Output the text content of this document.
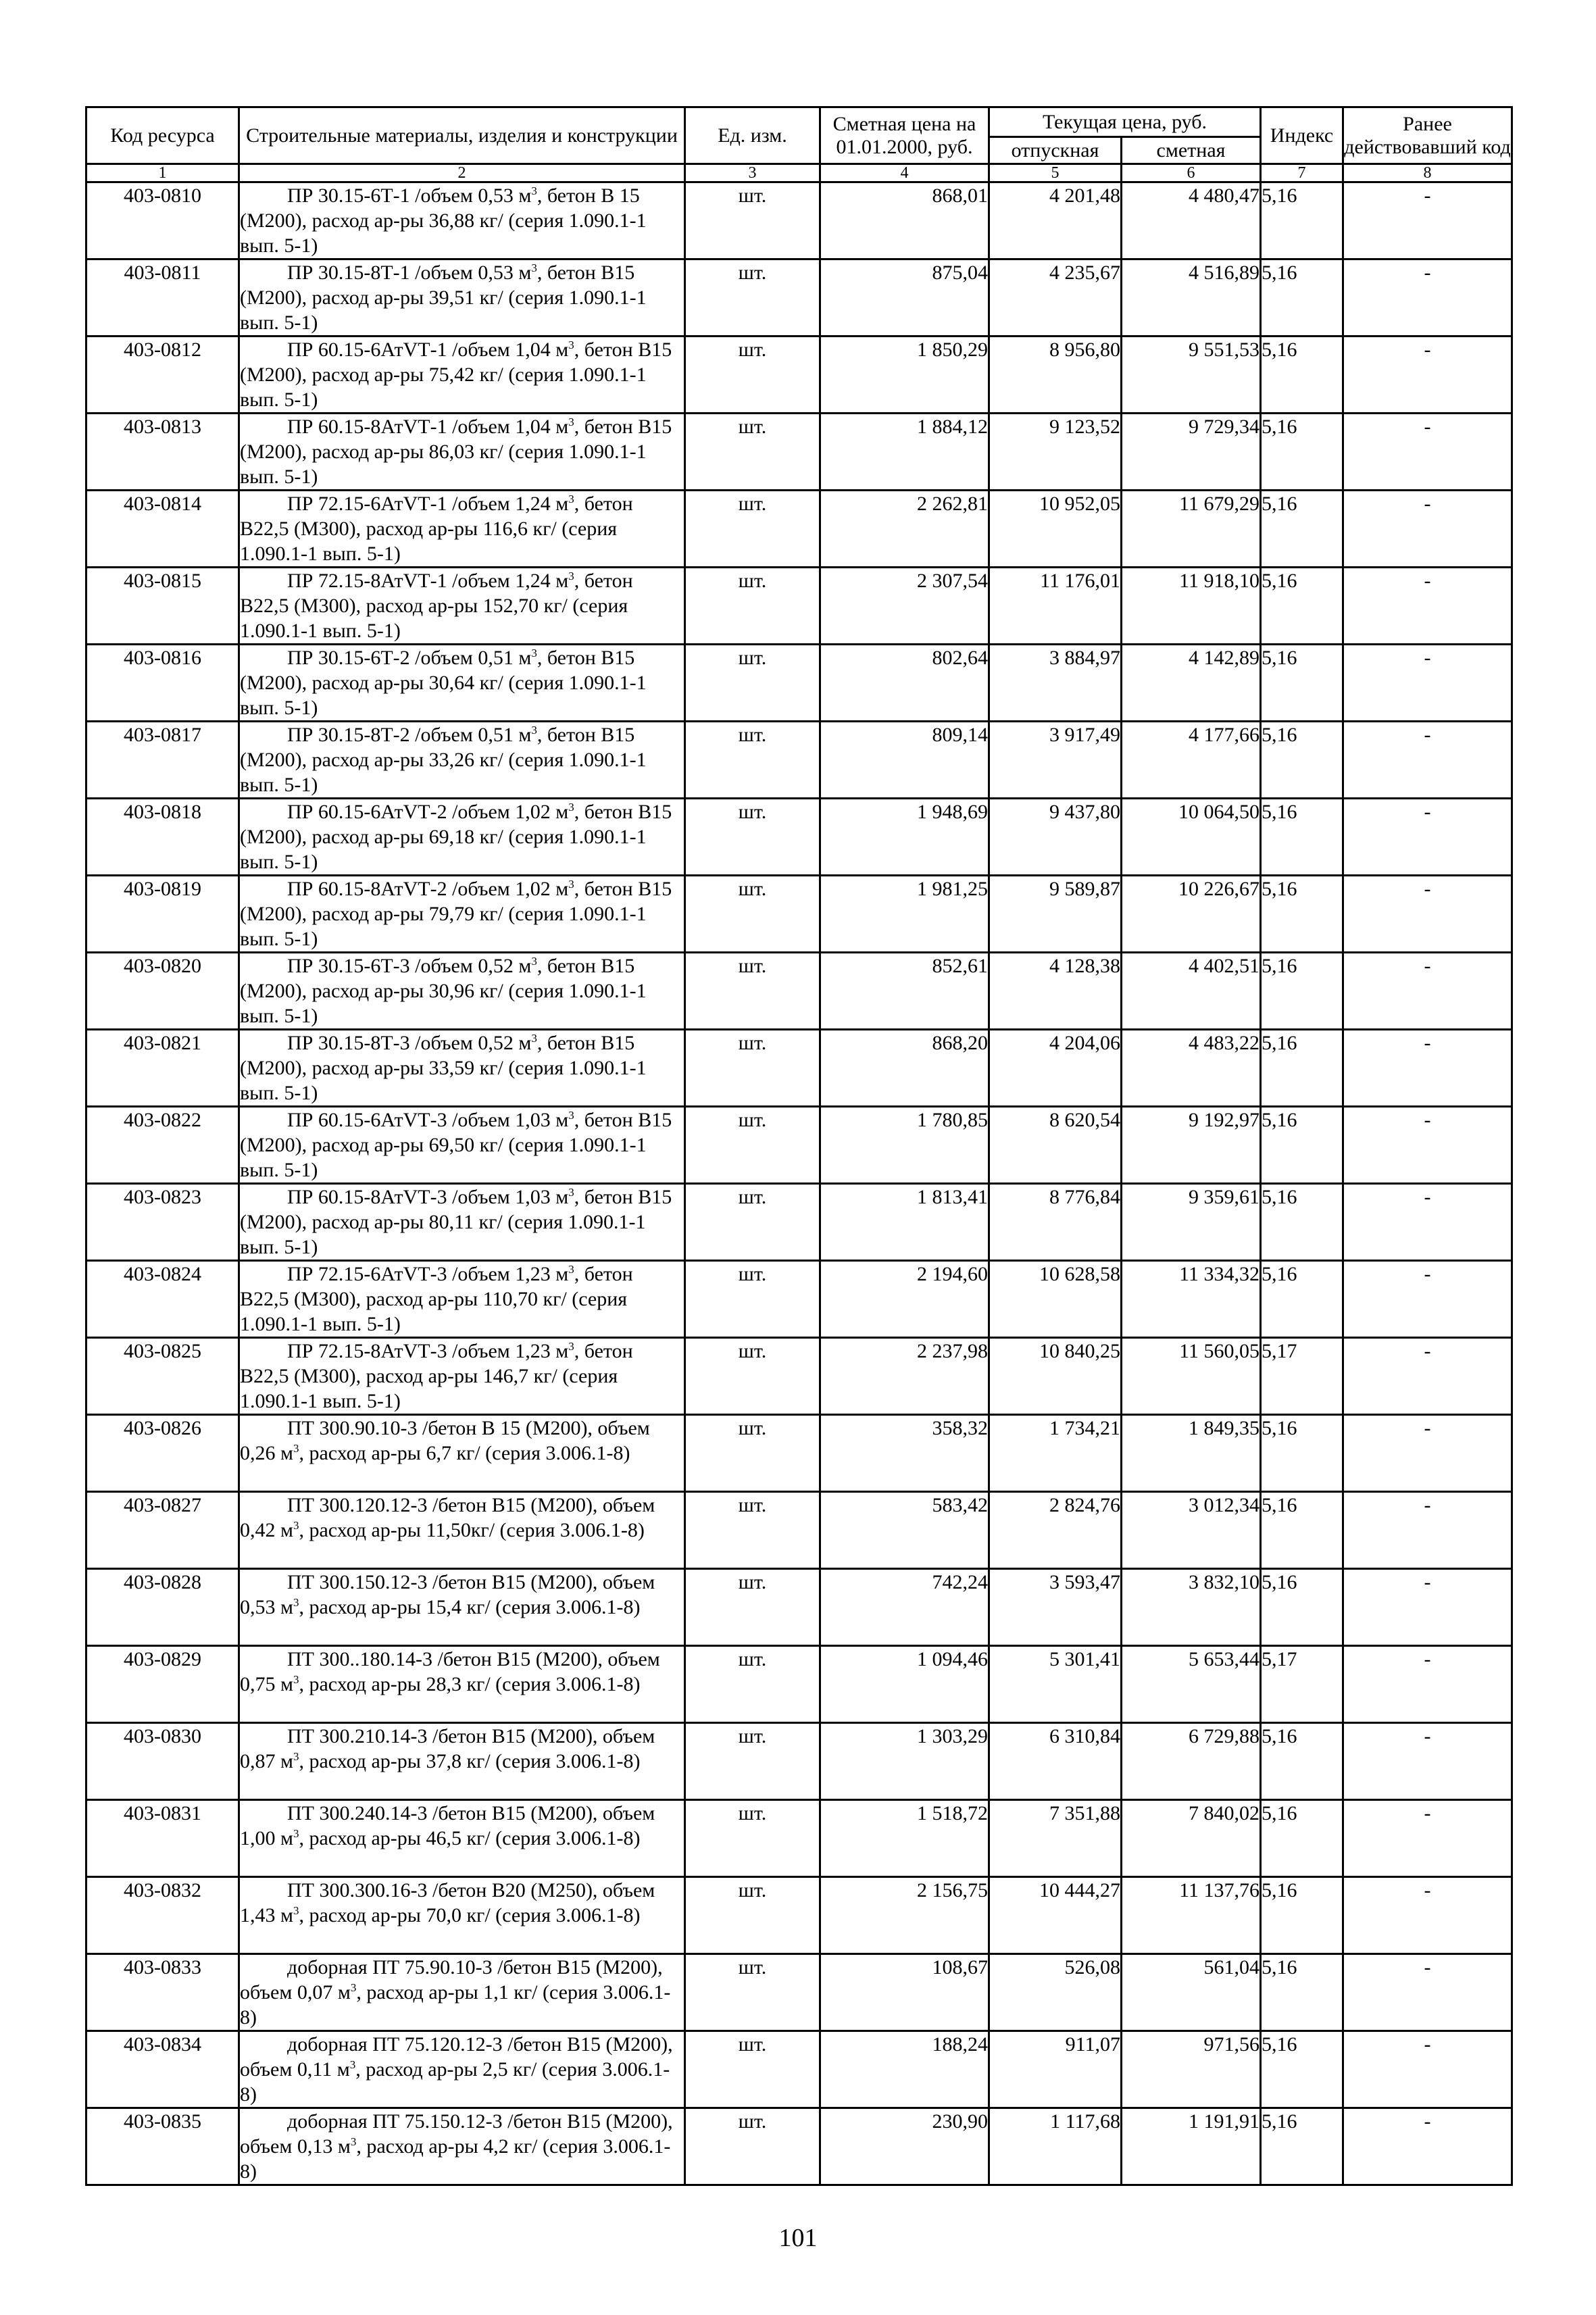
Код ресурса	Строительные материалы, изделия и конструкции	Ед. изм.	Сметная цена на 01.01.2000, руб.	Текущая цена, руб.		Индекс	Ранее действовавший код
				отпускная	сметная		
1	2	3	4	5	6	7	8
403-0810	ПР 30.15-6Т-1 /объем 0,53 $м^3$, бетон В 15 (М200), расход ар-ры 36,88 кг/ (серия 1.090.1-1 вып. 5-1)	шт.	868,01	4 201,48	4 480,47	5,16	-
403-0811	ПР 30.15-8Т-1 /объем 0,53 $м^3$, бетон В15 (М200), расход ар-ры 39,51 кг/ (серия 1.090.1-1 вып. 5-1)	шт.	875,04	4 235,67	4 516,89	5,16	-
403-0812	ПР 60.15-6АтVТ-1 /объем 1,04 $м^3$, бетон В15 (М200), расход ар-ры 75,42 кг/ (серия 1.090.1-1 вып. 5-1)	шт.	1 850,29	8 956,80	9 551,53	5,16	-
403-0813	ПР 60.15-8АтVТ-1 /объем 1,04 $м^3$, бетон В15 (М200), расход ар-ры 86,03 кг/ (серия 1.090.1-1 вып. 5-1)	шт.	1 884,12	9 123,52	9 729,34	5,16	-
403-0814	ПР 72.15-6АтVТ-1 /объем 1,24 $м^3$, бетон В22,5 (М300), расход ар-ры 116,6 кг/ (серия 1.090.1-1 вып. 5-1)	шт.	2 262,81	10 952,05	11 679,29	5,16	-
403-0815	ПР 72.15-8АтVТ-1 /объем 1,24 $м^3$, бетон В22,5 (М300), расход ар-ры 152,70 кг/ (серия 1.090.1-1 вып. 5-1)	шт.	2 307,54	11 176,01	11 918,10	5,16	-
403-0816	ПР 30.15-6Т-2 /объем 0,51 $м^3$, бетон В15 (М200), расход ар-ры 30,64 кг/ (серия 1.090.1-1 вып. 5-1)	шт.	802,64	3 884,97	4 142,89	5,16	-
403-0817	ПР 30.15-8Т-2 /объем 0,51 $м^3$, бетон В15 (М200), расход ар-ры 33,26 кг/ (серия 1.090.1-1 вып. 5-1)	шт.	809,14	3 917,49	4 177,66	5,16	-
403-0818	ПР 60.15-6АтVТ-2 /объем 1,02 $м^3$, бетон В15 (М200), расход ар-ры 69,18 кг/ (серия 1.090.1-1 вып. 5-1)	шт.	1 948,69	9 437,80	10 064,50	5,16	-
403-0819	ПР 60.15-8АтVТ-2 /объем 1,02 $м^3$, бетон В15 (М200), расход ар-ры 79,79 кг/ (серия 1.090.1-1 вып. 5-1)	шт.	1 981,25	9 589,87	10 226,67	5,16	-
403-0820	ПР 30.15-6Т-3 /объем 0,52 $м^3$, бетон В15 (М200), расход ар-ры 30,96 кг/ (серия 1.090.1-1 вып. 5-1)	шт.	852,61	4 128,38	4 402,51	5,16	-
403-0821	ПР 30.15-8Т-3 /объем 0,52 $м^3$, бетон В15 (М200), расход ар-ры 33,59 кг/ (серия 1.090.1-1 вып. 5-1)	шт.	868,20	4 204,06	4 483,22	5,16	-
403-0822	ПР 60.15-6АтVТ-3 /объем 1,03 $м^3$, бетон В15 (М200), расход ар-ры 69,50 кг/ (серия 1.090.1-1 вып. 5-1)	шт.	1 780,85	8 620,54	9 192,97	5,16	-
403-0823	ПР 60.15-8АтVТ-3 /объем 1,03 $м^3$, бетон В15 (М200), расход ар-ры 80,11 кг/ (серия 1.090.1-1 вып. 5-1)	шт.	1 813,41	8 776,84	9 359,61	5,16	-
403-0824	ПР 72.15-6АтVТ-3 /объем 1,23 $м^3$, бетон В22,5 (М300), расход ар-ры 110,70 кг/ (серия 1.090.1-1 вып. 5-1)	шт.	2 194,60	10 628,58	11 334,32	5,16	-
403-0825	ПР 72.15-8АтVТ-3 /объем 1,23 $м^3$, бетон В22,5 (М300), расход ар-ры 146,7 кг/ (серия 1.090.1-1 вып. 5-1)	шт.	2 237,98	10 840,25	11 560,05	5,17	-
403-0826	ПТ 300.90.10-3 /бетон В 15 (М200), объем 0,26 $м^3$, расход ар-ры 6,7 кг/ (серия 3.006.1-8)	шт.	358,32	1 734,21	1 849,35	5,16	-
403-0827	ПТ 300.120.12-3 /бетон В15 (М200), объем 0,42 $м^3$, расход ар-ры 11,50кг/ (серия 3.006.1-8)	шт.	583,42	2 824,76	3 012,34	5,16	-
403-0828	ПТ 300.150.12-3 /бетон В15 (М200), объем 0,53 $м^3$, расход ар-ры 15,4 кг/ (серия 3.006.1-8)	шт.	742,24	3 593,47	3 832,10	5,16	-
403-0829	ПТ 300..180.14-3 /бетон В15 (М200), объем 0,75 $м^3$, расход ар-ры 28,3 кг/ (серия 3.006.1-8)	шт.	1 094,46	5 301,41	5 653,44	5,17	-
403-0830	ПТ 300.210.14-3 /бетон В15 (М200), объем 0,87 $м^3$, расход ар-ры 37,8 кг/ (серия 3.006.1-8)	шт.	1 303,29	6 310,84	6 729,88	5,16	-
403-0831	ПТ 300.240.14-3 /бетон В15 (М200), объем 1,00 $м^3$, расход ар-ры 46,5 кг/ (серия 3.006.1-8)	шт.	1 518,72	7 351,88	7 840,02	5,16	-
403-0832	ПТ 300.300.16-3 /бетон В20 (М250), объем 1,43 $м^3$, расход ар-ры 70,0 кг/ (серия 3.006.1-8)	шт.	2 156,75	10 444,27	11 137,76	5,16	-
403-0833	доборная ПТ 75.90.10-3 /бетон В15 (М200), объем 0,07 $м^3$, расход ар-ры 1,1 кг/ (серия 3.006.1-8)	шт.	108,67	526,08	561,04	5,16	-
403-0834	доборная ПТ 75.120.12-3 /бетон В15 (М200), объем 0,11 $м^3$, расход ар-ры 2,5 кг/ (серия 3.006.1-8)	шт.	188,24	911,07	971,56	5,16	-
403-0835	доборная ПТ 75.150.12-3 /бетон В15 (М200), объем 0,13 $м^3$, расход ар-ры 4,2 кг/ (серия 3.006.1-8)	шт.	230,90	1 117,68	1 191,91	5,16	-
101
